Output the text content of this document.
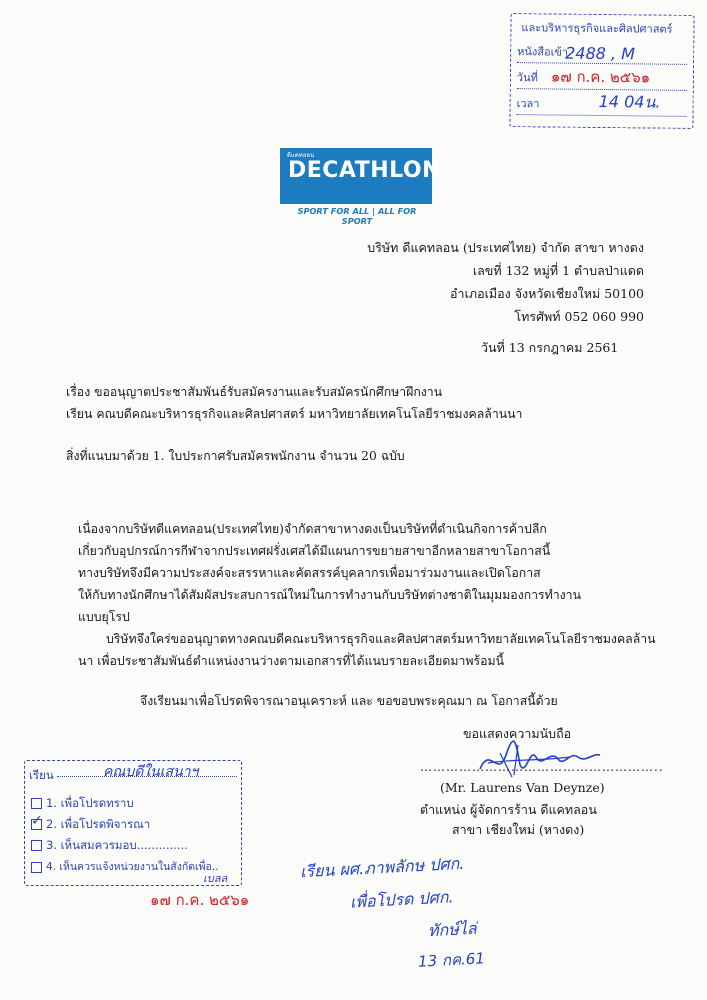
และบริหารธุรกิจและศิลปศาสตร์
หนังสือเข้า
2488 , M
วันที่ ๑๗ ก.ค. ๒๕๖๑
เวลา	14 04น.
ดีแคทลอน
DECATHLON
SPORT FOR ALL | ALL FOR SPORT
บริษัท ดีแคทลอน (ประเทศไทย) จำกัด สาขา หางดง
เลขที่ 132 หมู่ที่ 1 ตำบลป่าแดด
อำเภอเมือง จังหวัดเชียงใหม่ 50100
โทรศัพท์ 052 060 990
วันที่ 13 กรกฎาคม 2561
เรื่อง ขออนุญาตประชาสัมพันธ์รับสมัครงานและรับสมัครนักศึกษาฝึกงาน
เรียน คณบดีคณะบริหารธุรกิจและศิลปศาสตร์ มหาวิทยาลัยเทคโนโลยีราชมงคลล้านนา
สิ่งที่แนบมาด้วย 1. ใบประกาศรับสมัครพนักงาน จำนวน 20 ฉบับ
เนื่องจากบริษัทดีแคทลอน(ประเทศไทย)จำกัดสาขาหางดงเป็นบริษัทที่ดำเนินกิจการค้าปลีก
เกี่ยวกับอุปกรณ์การกีฬาจากประเทศฝรั่งเศสได้มีแผนการขยายสาขาอีกหลายสาขาโอกาสนี้
ทางบริษัทจึงมีความประสงค์จะสรรหาและคัดสรรค์บุคลากรเพื่อมาร่วมงานและเปิดโอกาส
ให้กับทางนักศึกษาได้สัมผัสประสบการณ์ใหม่ในการทำงานกับบริษัทต่างชาติในมุมมองการทำงาน
แบบยุโรป
บริษัทจึงใคร่ขออนุญาตทางคณบดีคณะบริหารธุรกิจและศิลปศาสตร์มหาวิทยาลัยเทคโนโลยีราชมงคลล้าน
นา เพื่อประชาสัมพันธ์ตำแหน่งงานว่างตามเอกสารที่ได้แนบรายละเอียดมาพร้อมนี้
จึงเรียนมาเพื่อโปรดพิจารณาอนุเคราะห์ และ ขอขอบพระคุณมา ณ โอกาสนี้ด้วย
ขอแสดงความนับถือ
………………………………………………..
(Mr. Laurens Van Deynze)
ตำแหน่ง ผู้จัดการร้าน ดีแคทลอน
สาขา เชียงใหม่ (หางดง)
เรียน	คณบดีในเสนาฯ
1. เพื่อโปรดทราบ
✓ 2. เพื่อโปรดพิจารณา
3. เห็นสมควรมอบ..............
4. เห็นควรแจ้งหน่วยงานในสังกัดเพื่อ..
เบลล
๑๗ ก.ค. ๒๕๖๑
เรียน ผศ.ภาพลักษ ปศก.
เพื่อโปรด ปศก.
ทักษ์ไล่
13 กค.61
